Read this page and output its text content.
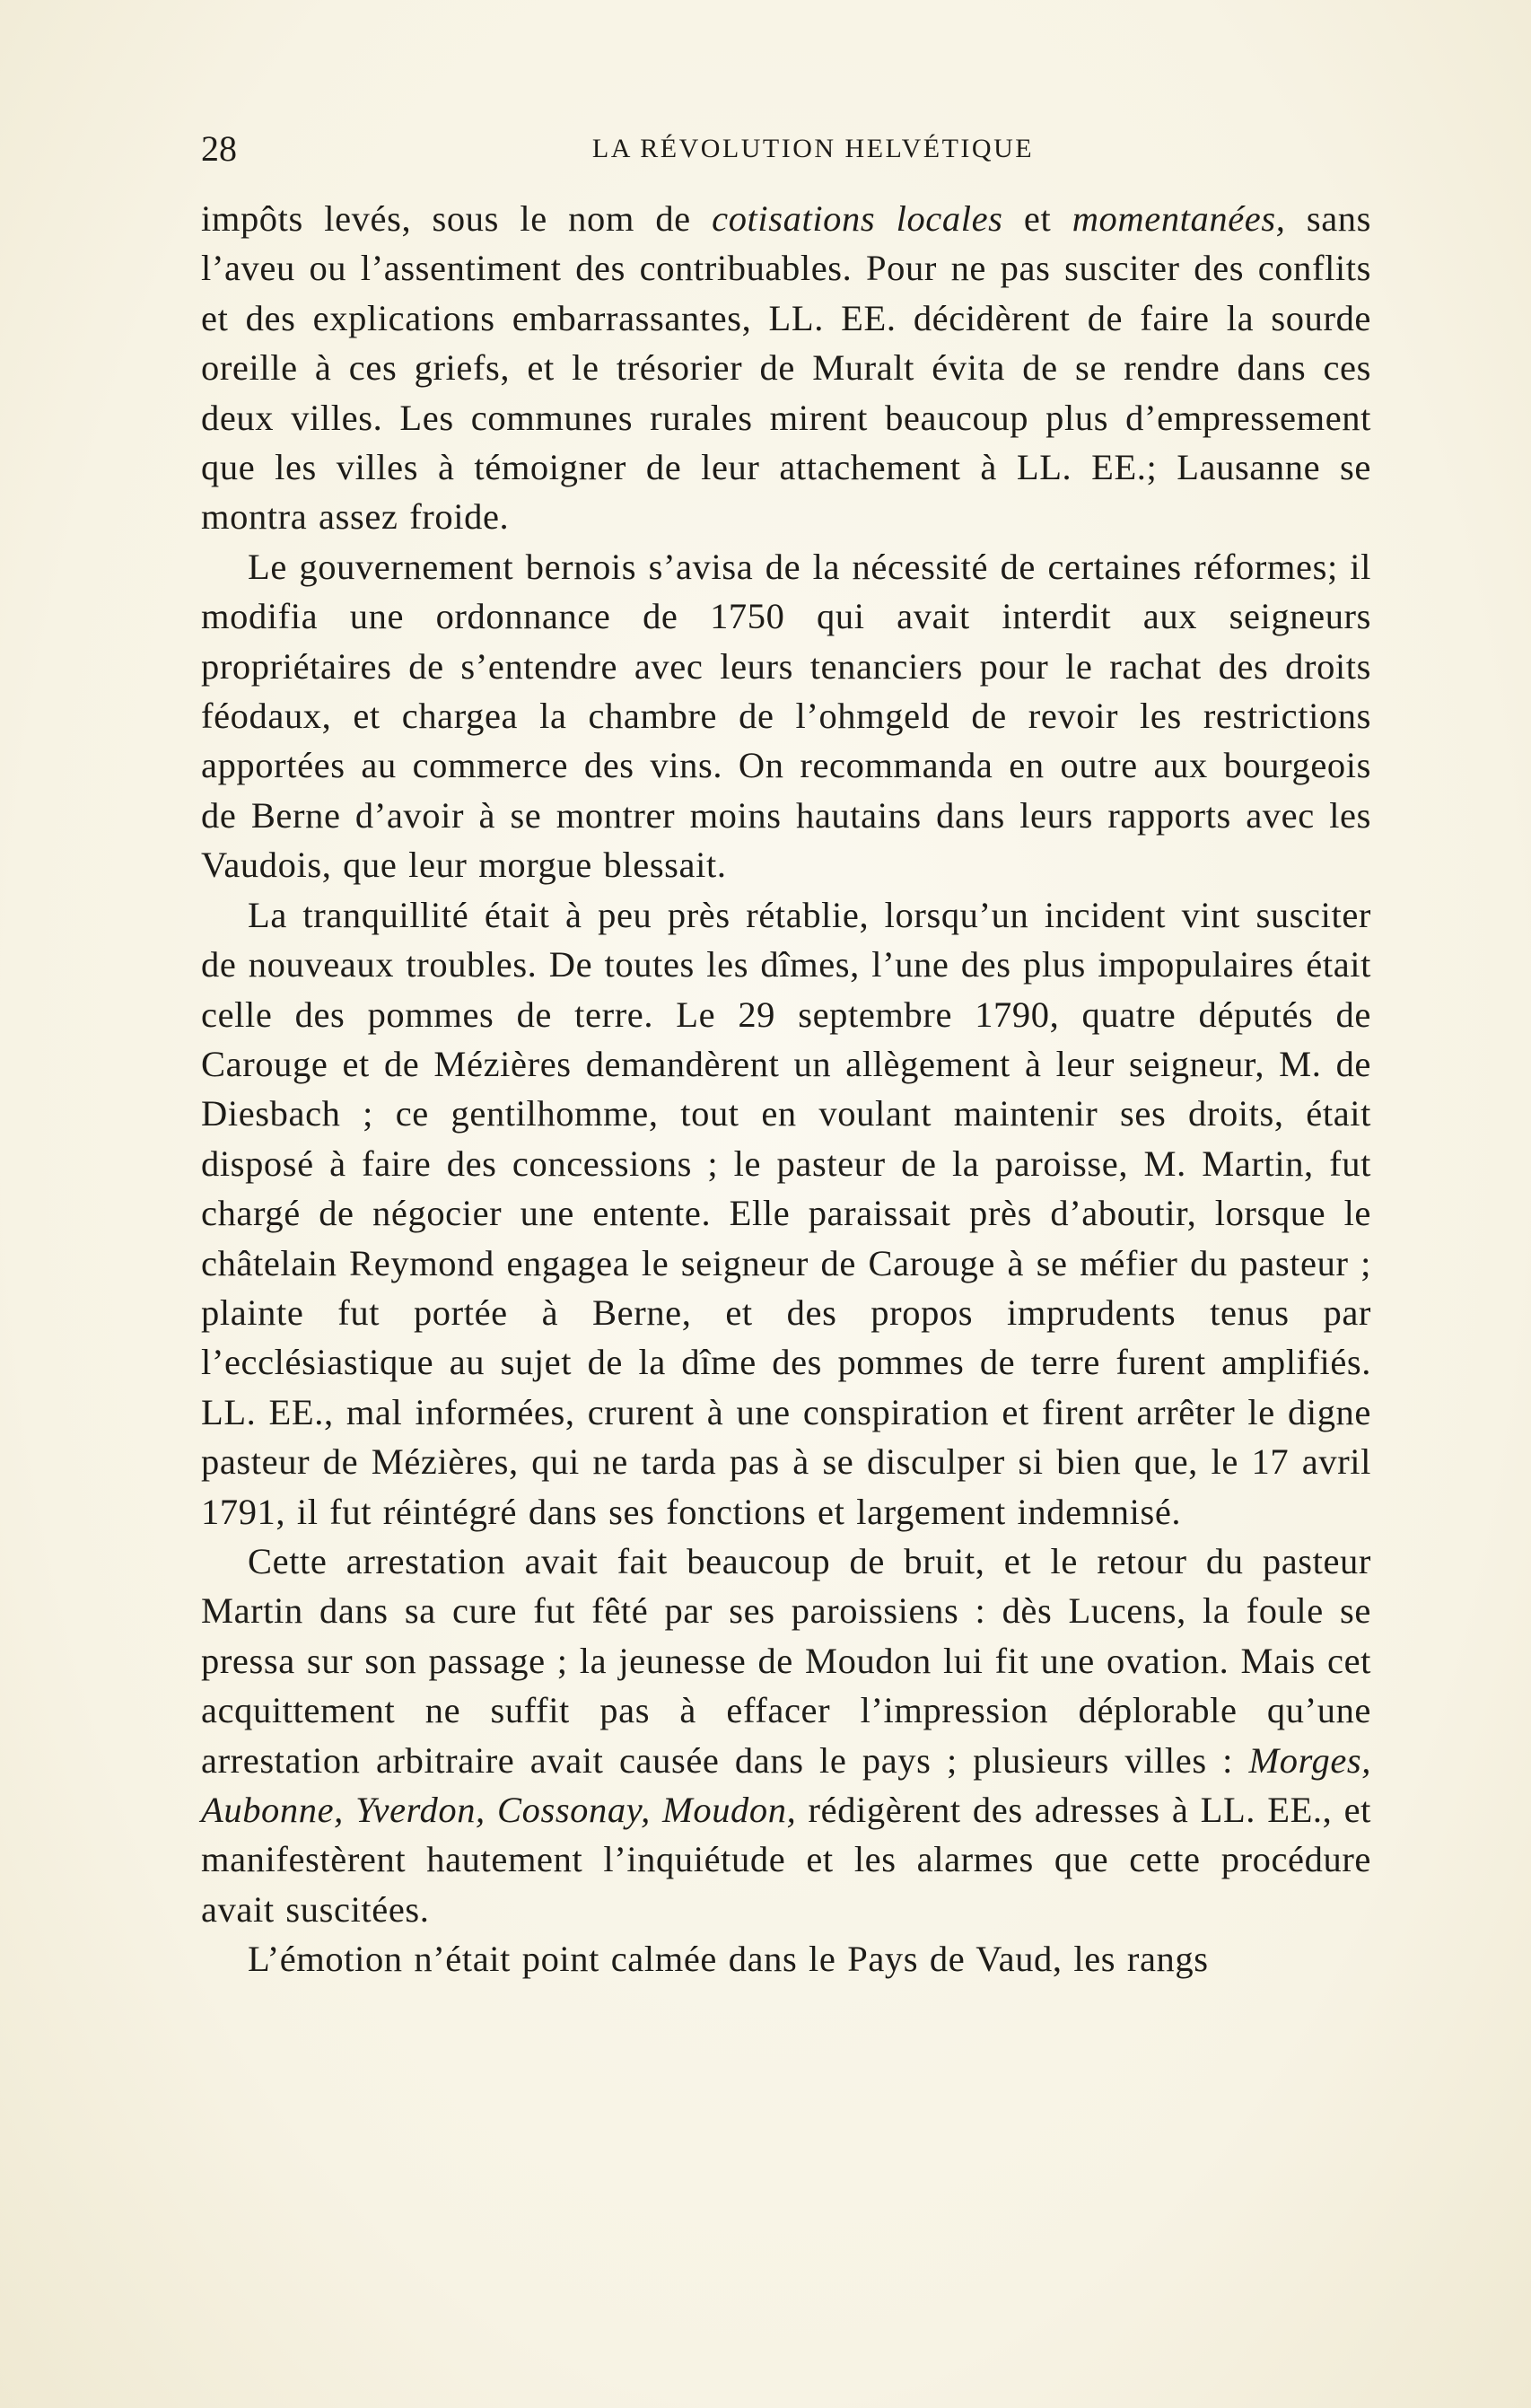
28	LA RÉVOLUTION HELVÉTIQUE

impôts levés, sous le nom de cotisations locales et momentanées, sans l’aveu ou l’assentiment des contribuables. Pour ne pas susciter des conflits et des explications embarrassantes, LL. EE. décidèrent de faire la sourde oreille à ces griefs, et le trésorier de Muralt évita de se rendre dans ces deux villes. Les communes rurales mirent beaucoup plus d’empressement que les villes à témoigner de leur attachement à LL. EE.; Lausanne se montra assez froide.

Le gouvernement bernois s’avisa de la nécessité de certaines réformes; il modifia une ordonnance de 1750 qui avait interdit aux seigneurs propriétaires de s’entendre avec leurs tenanciers pour le rachat des droits féodaux, et chargea la chambre de l’ohmgeld de revoir les restrictions apportées au commerce des vins. On recommanda en outre aux bourgeois de Berne d’avoir à se montrer moins hautains dans leurs rapports avec les Vaudois, que leur morgue blessait.

La tranquillité était à peu près rétablie, lorsqu’un incident vint susciter de nouveaux troubles. De toutes les dîmes, l’une des plus impopulaires était celle des pommes de terre. Le 29 septembre 1790, quatre députés de Carouge et de Mézières demandèrent un allègement à leur seigneur, M. de Diesbach ; ce gentilhomme, tout en voulant maintenir ses droits, était disposé à faire des concessions ; le pasteur de la paroisse, M. Martin, fut chargé de négocier une entente. Elle paraissait près d’aboutir, lorsque le châtelain Reymond engagea le seigneur de Carouge à se méfier du pasteur ; plainte fut portée à Berne, et des propos imprudents tenus par l’ecclésiastique au sujet de la dîme des pommes de terre furent amplifiés. LL. EE., mal informées, crurent à une conspiration et firent arrêter le digne pasteur de Mézières, qui ne tarda pas à se disculper si bien que, le 17 avril 1791, il fut réintégré dans ses fonctions et largement indemnisé.

Cette arrestation avait fait beaucoup de bruit, et le retour du pasteur Martin dans sa cure fut fêté par ses paroissiens : dès Lucens, la foule se pressa sur son passage ; la jeunesse de Moudon lui fit une ovation. Mais cet acquittement ne suffit pas à effacer l’impression déplorable qu’une arrestation arbitraire avait causée dans le pays ; plusieurs villes : Morges, Aubonne, Yverdon, Cossonay, Moudon, rédigèrent des adresses à LL. EE., et manifestèrent hautement l’inquiétude et les alarmes que cette procédure avait suscitées.

L’émotion n’était point calmée dans le Pays de Vaud, les rangs
